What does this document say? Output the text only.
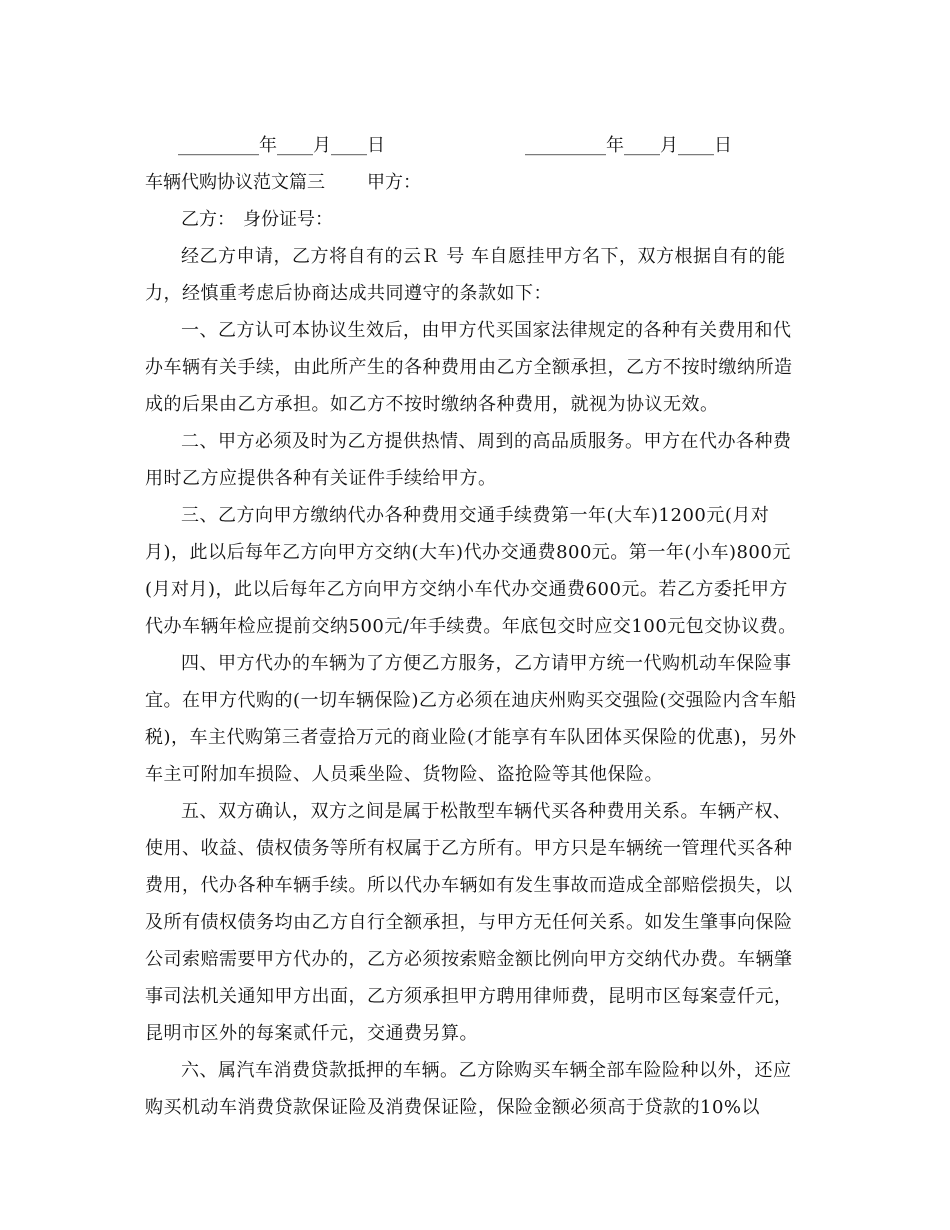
_________年____月____日	_________年____月____日
车辆代购协议范文篇三 甲方：
乙方： 身份证号：
经乙方申请，乙方将自有的云Ｒ 号 车自愿挂甲方名下，双方根据自有的能
力，经慎重考虑后协商达成共同遵守的条款如下：
一、乙方认可本协议生效后，由甲方代买国家法律规定的各种有关费用和代
办车辆有关手续，由此所产生的各种费用由乙方全额承担，乙方不按时缴纳所造
成的后果由乙方承担。如乙方不按时缴纳各种费用，就视为协议无效。
二、甲方必须及时为乙方提供热情、周到的高品质服务。甲方在代办各种费
用时乙方应提供各种有关证件手续给甲方。
三、乙方向甲方缴纳代办各种费用交通手续费第一年(大车)1200元(月对
月)，此以后每年乙方向甲方交纳(大车)代办交通费800元。第一年(小车)800元
(月对月)，此以后每年乙方向甲方交纳小车代办交通费600元。若乙方委托甲方
代办车辆年检应提前交纳500元/年手续费。年底包交时应交100元包交协议费。
四、甲方代办的车辆为了方便乙方服务，乙方请甲方统一代购机动车保险事
宜。在甲方代购的(一切车辆保险)乙方必须在迪庆州购买交强险(交强险内含车船
税)，车主代购第三者壹拾万元的商业险(才能享有车队团体买保险的优惠)，另外
车主可附加车损险、人员乘坐险、货物险、盗抢险等其他保险。
五、双方确认，双方之间是属于松散型车辆代买各种费用关系。车辆产权、
使用、收益、债权债务等所有权属于乙方所有。甲方只是车辆统一管理代买各种
费用，代办各种车辆手续。所以代办车辆如有发生事故而造成全部赔偿损失，以
及所有债权债务均由乙方自行全额承担，与甲方无任何关系。如发生肇事向保险
公司索赔需要甲方代办的，乙方必须按索赔金额比例向甲方交纳代办费。车辆肇
事司法机关通知甲方出面，乙方须承担甲方聘用律师费，昆明市区每案壹仟元，
昆明市区外的每案贰仟元，交通费另算。
六、属汽车消费贷款抵押的车辆。乙方除购买车辆全部车险险种以外，还应
购买机动车消费贷款保证险及消费保证险，保险金额必须高于贷款的10%以
